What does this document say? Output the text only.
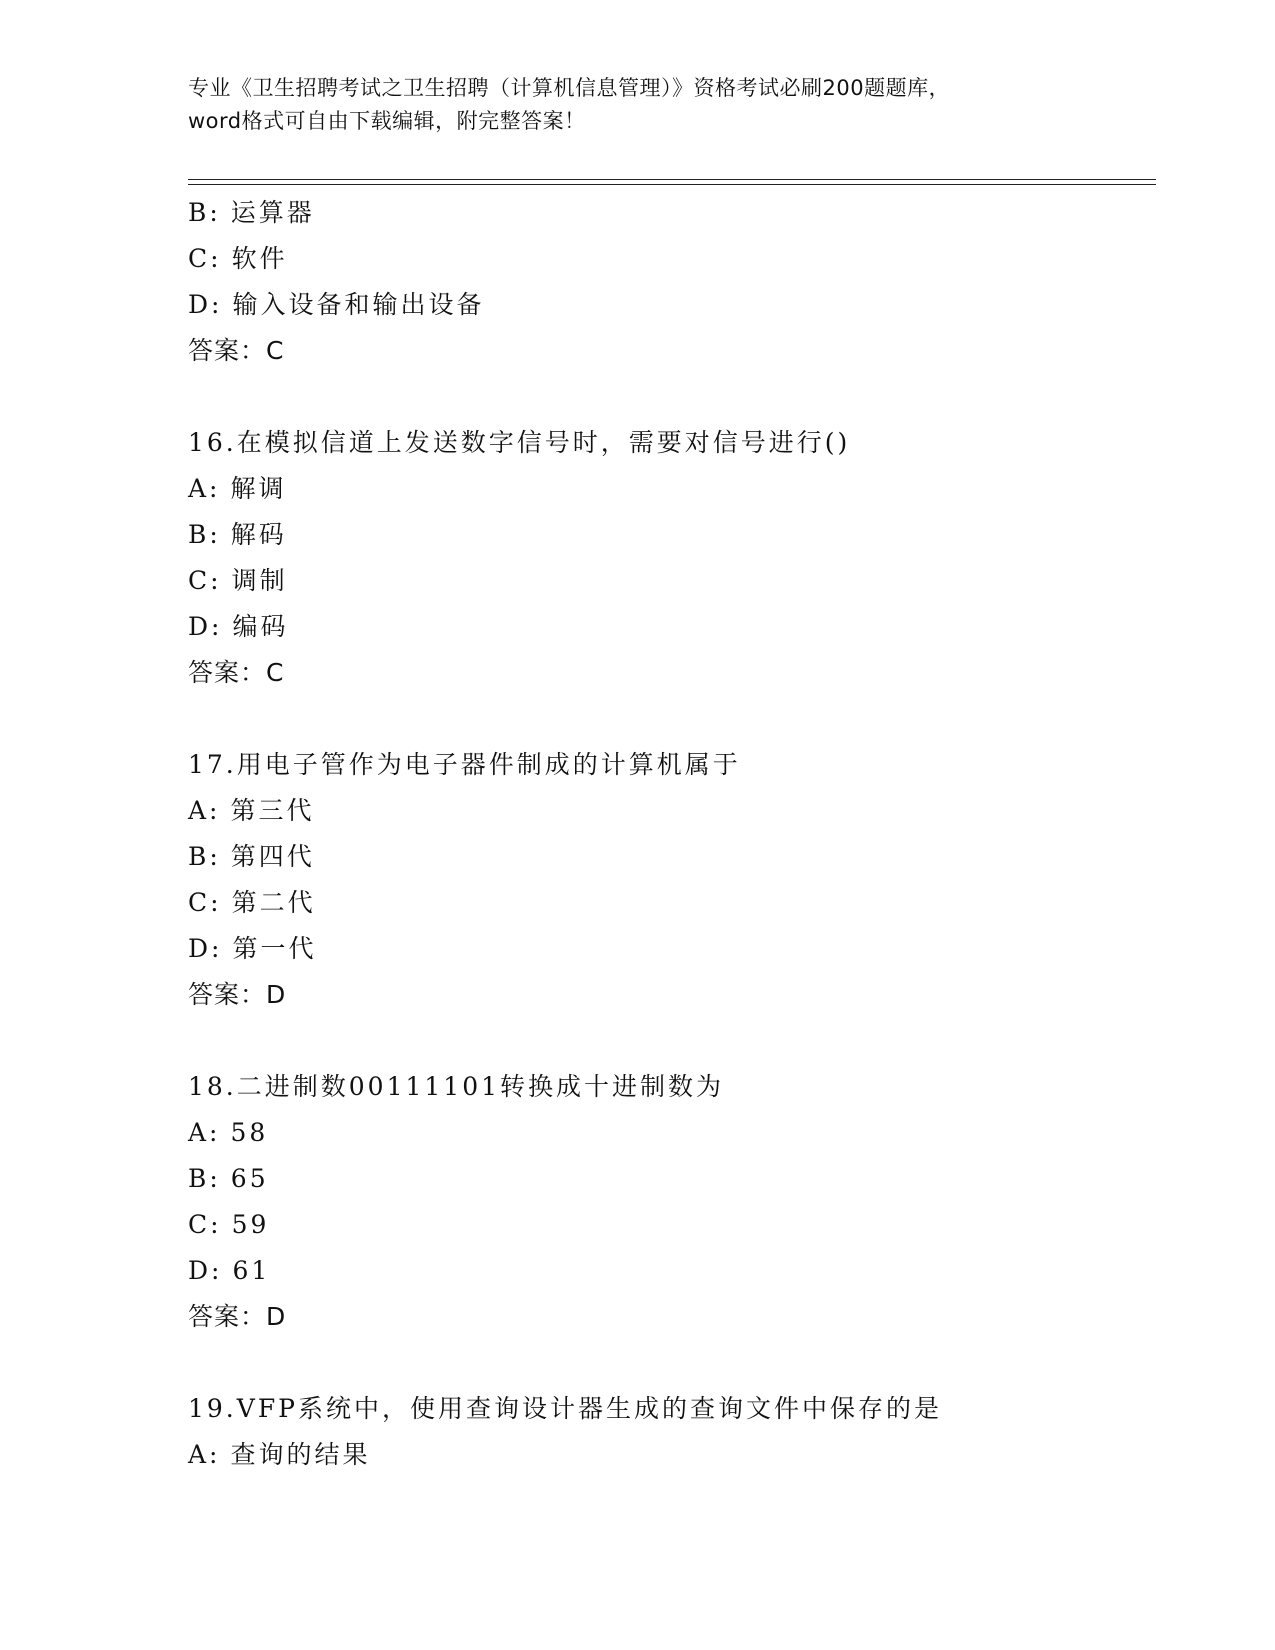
专业《卫生招聘考试之卫生招聘（计算机信息管理）》资格考试必刷200题题库，
word格式可自由下载编辑，附完整答案！
B: 运算器
C: 软件
D: 输入设备和输出设备
答案：C
16.在模拟信道上发送数字信号时，需要对信号进行()
A: 解调
B: 解码
C: 调制
D: 编码
答案：C
17.用电子管作为电子器件制成的计算机属于
A: 第三代
B: 第四代
C: 第二代
D: 第一代
答案：D
18.二进制数00111101转换成十进制数为
A: 58
B: 65
C: 59
D: 61
答案：D
19.VFP系统中，使用查询设计器生成的查询文件中保存的是
A: 查询的结果
